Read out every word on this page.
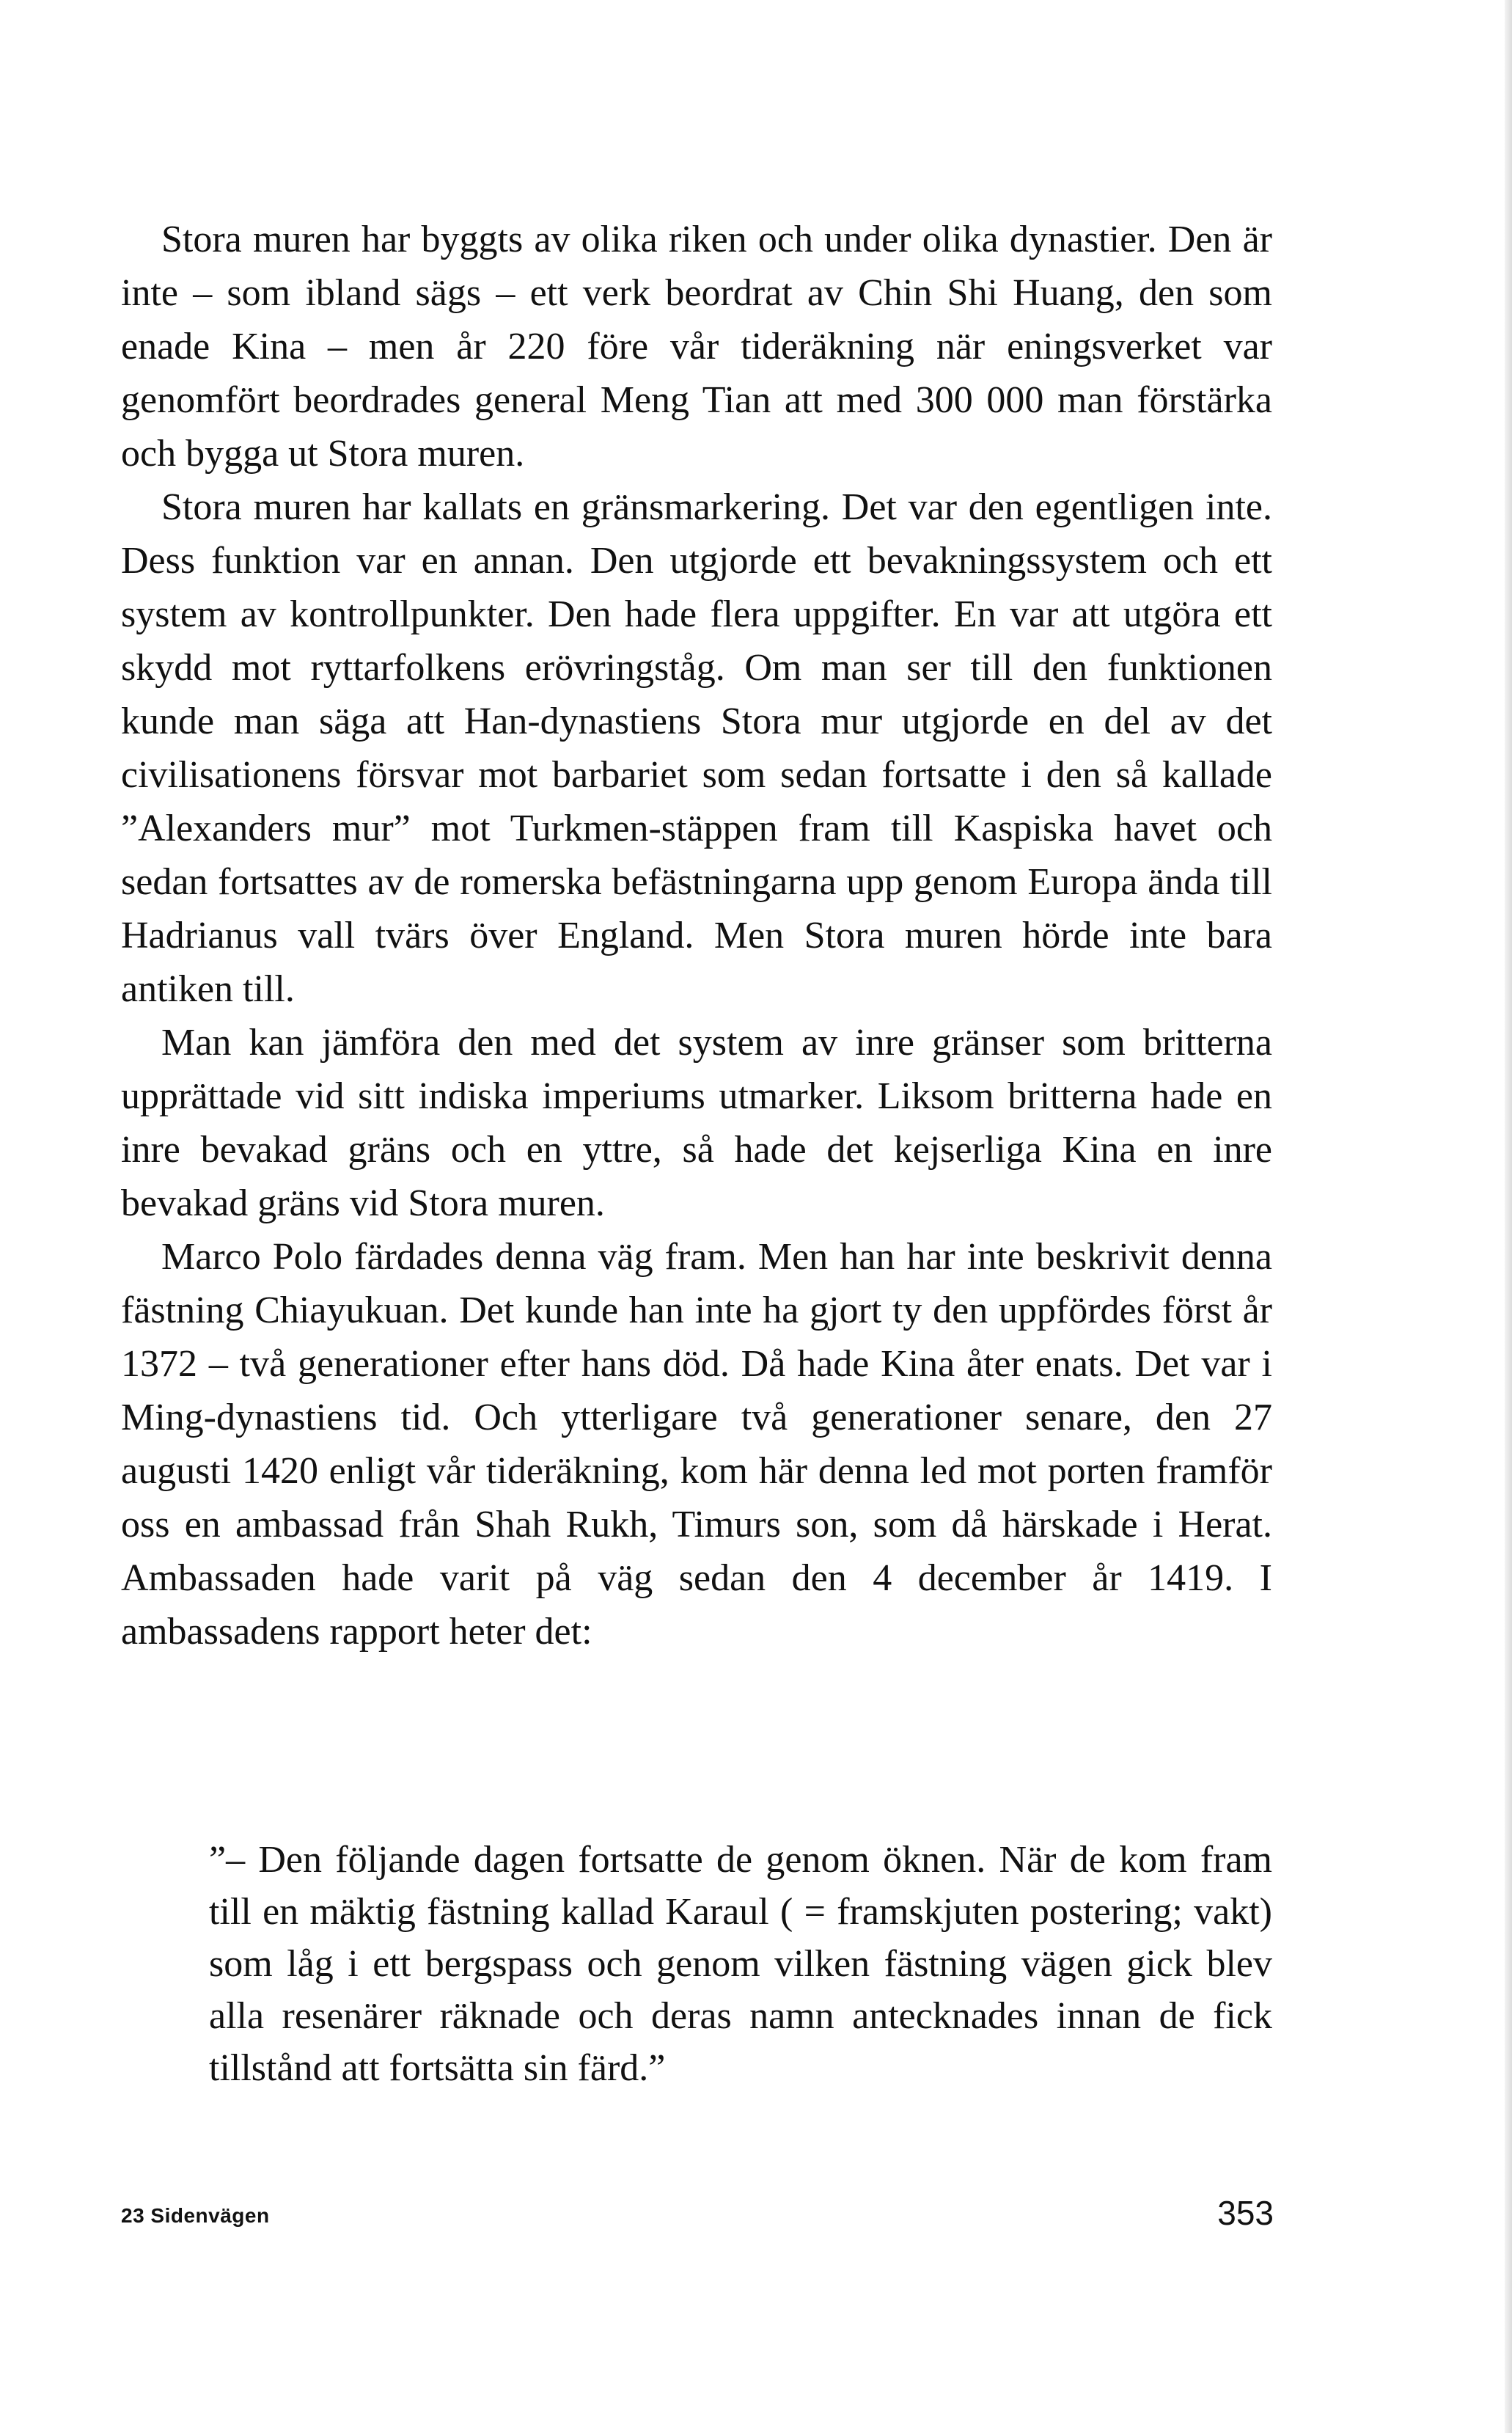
Stora muren har byggts av olika riken och under olika dynastier. Den är inte – som ibland sägs – ett verk beordrat av Chin Shi Huang, den som enade Kina – men år 220 före vår tideräkning när eningsverket var genomfört beordrades general Meng Tian att med 300 000 man förstärka och bygga ut Stora muren.

Stora muren har kallats en gränsmarkering. Det var den egentligen inte. Dess funktion var en annan. Den utgjorde ett bevakningssystem och ett system av kontrollpunkter. Den hade flera uppgifter. En var att utgöra ett skydd mot ryttarfolkens erövringståg. Om man ser till den funktionen kunde man säga att Han-dynastiens Stora mur utgjorde en del av det civilisationens försvar mot barbariet som sedan fortsatte i den så kallade ”Alexanders mur” mot Turkmen-stäppen fram till Kaspiska havet och sedan fortsattes av de romerska befästningarna upp genom Europa ända till Hadrianus vall tvärs över England. Men Stora muren hörde inte bara antiken till.

Man kan jämföra den med det system av inre gränser som britterna upprättade vid sitt indiska imperiums utmarker. Liksom britterna hade en inre bevakad gräns och en yttre, så hade det kejserliga Kina en inre bevakad gräns vid Stora muren.

Marco Polo färdades denna väg fram. Men han har inte beskrivit denna fästning Chiayukuan. Det kunde han inte ha gjort ty den uppfördes först år 1372 – två generationer efter hans död. Då hade Kina åter enats. Det var i Ming-dynastiens tid. Och ytterligare två generationer senare, den 27 augusti 1420 enligt vår tideräkning, kom här denna led mot porten framför oss en ambassad från Shah Rukh, Timurs son, som då härskade i Herat. Ambassaden hade varit på väg sedan den 4 december år 1419. I ambassadens rapport heter det:

”– Den följande dagen fortsatte de genom öknen. När de kom fram till en mäktig fästning kallad Karaul ( = framskjuten postering; vakt) som låg i ett bergspass och genom vilken fästning vägen gick blev alla resenärer räknade och deras namn antecknades innan de fick tillstånd att fortsätta sin färd.”

23 Sidenvägen	353
